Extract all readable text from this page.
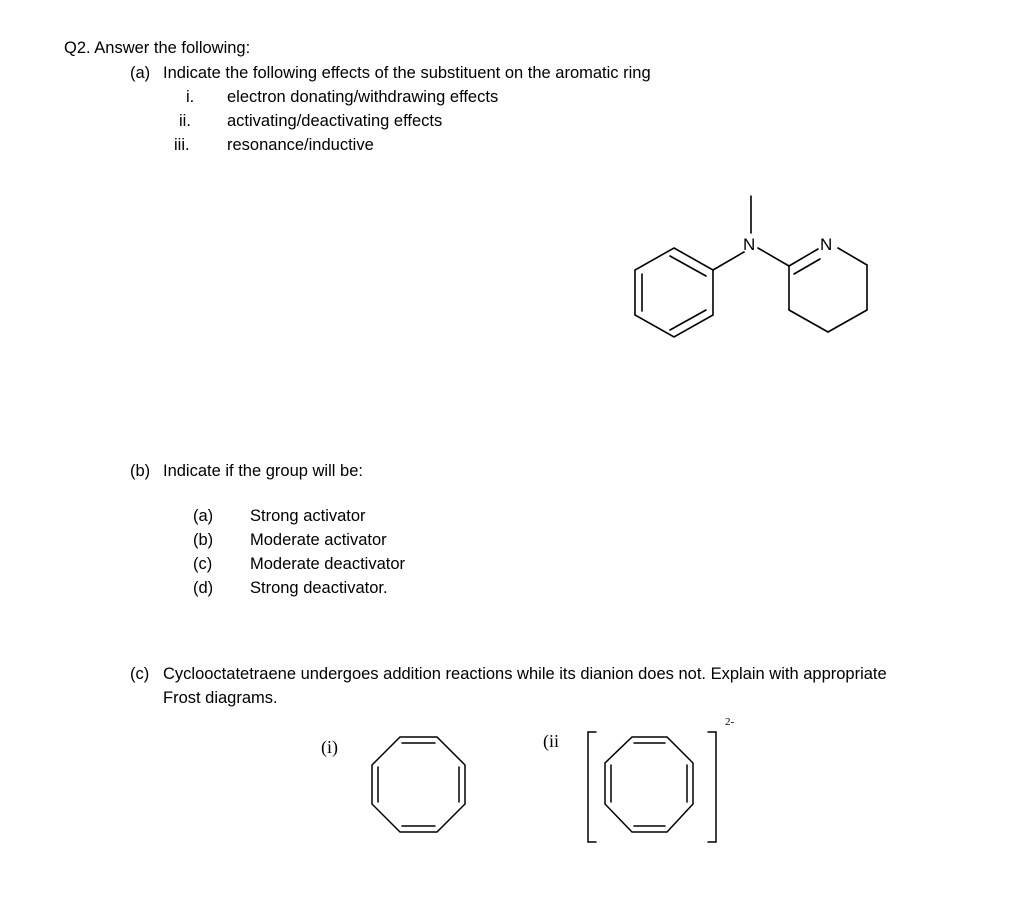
Q2. Answer the following:
(a) Indicate the following effects of the substituent on the aromatic ring
i. electron donating/withdrawing effects
ii. activating/deactivating effects
iii. resonance/inductive
N	N
(b) Indicate if the group will be:
(a) Strong activator
(b) Moderate activator
(c) Moderate deactivator
(d) Strong deactivator.
(c) Cyclooctatetraene undergoes addition reactions while its dianion does not. Explain with appropriate
Frost diagrams.
(i)	(ii
2-
